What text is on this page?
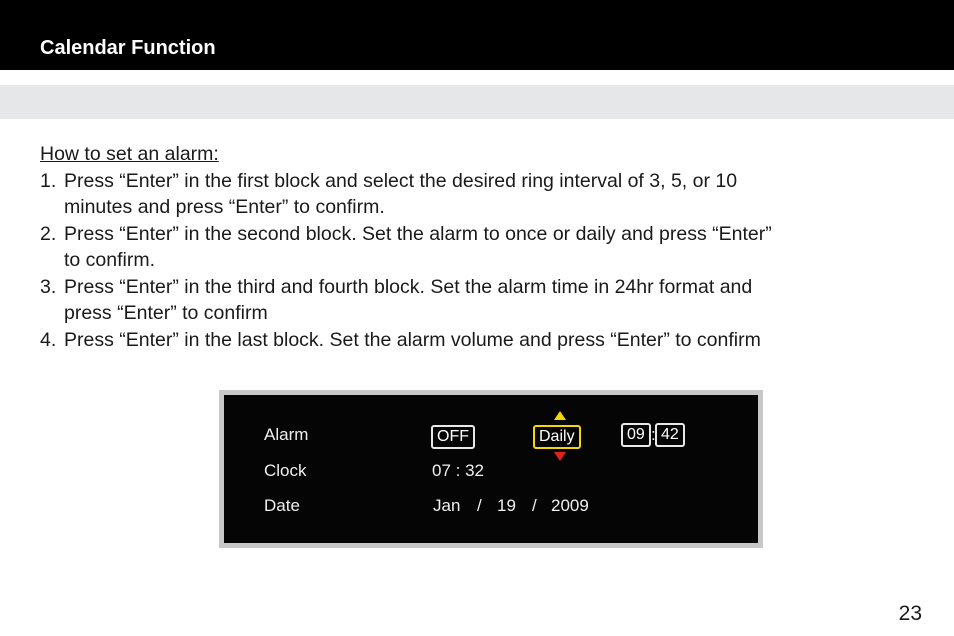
Calendar Function
How to set an alarm:
1. Press “Enter” in the first block and select the desired ring interval of 3, 5, or 10
minutes and press “Enter” to confirm.
2. Press “Enter” in the second block. Set the alarm to once or daily and press “Enter”
to confirm.
3. Press “Enter” in the third and fourth block. Set the alarm time in 24hr format and
press “Enter” to confirm
4. Press “Enter” in the last block. Set the alarm volume and press “Enter” to confirm
Alarm
Clock
Date
OFF	Daily	09 : 42
07 : 32
Jan / 19 / 2009
23
